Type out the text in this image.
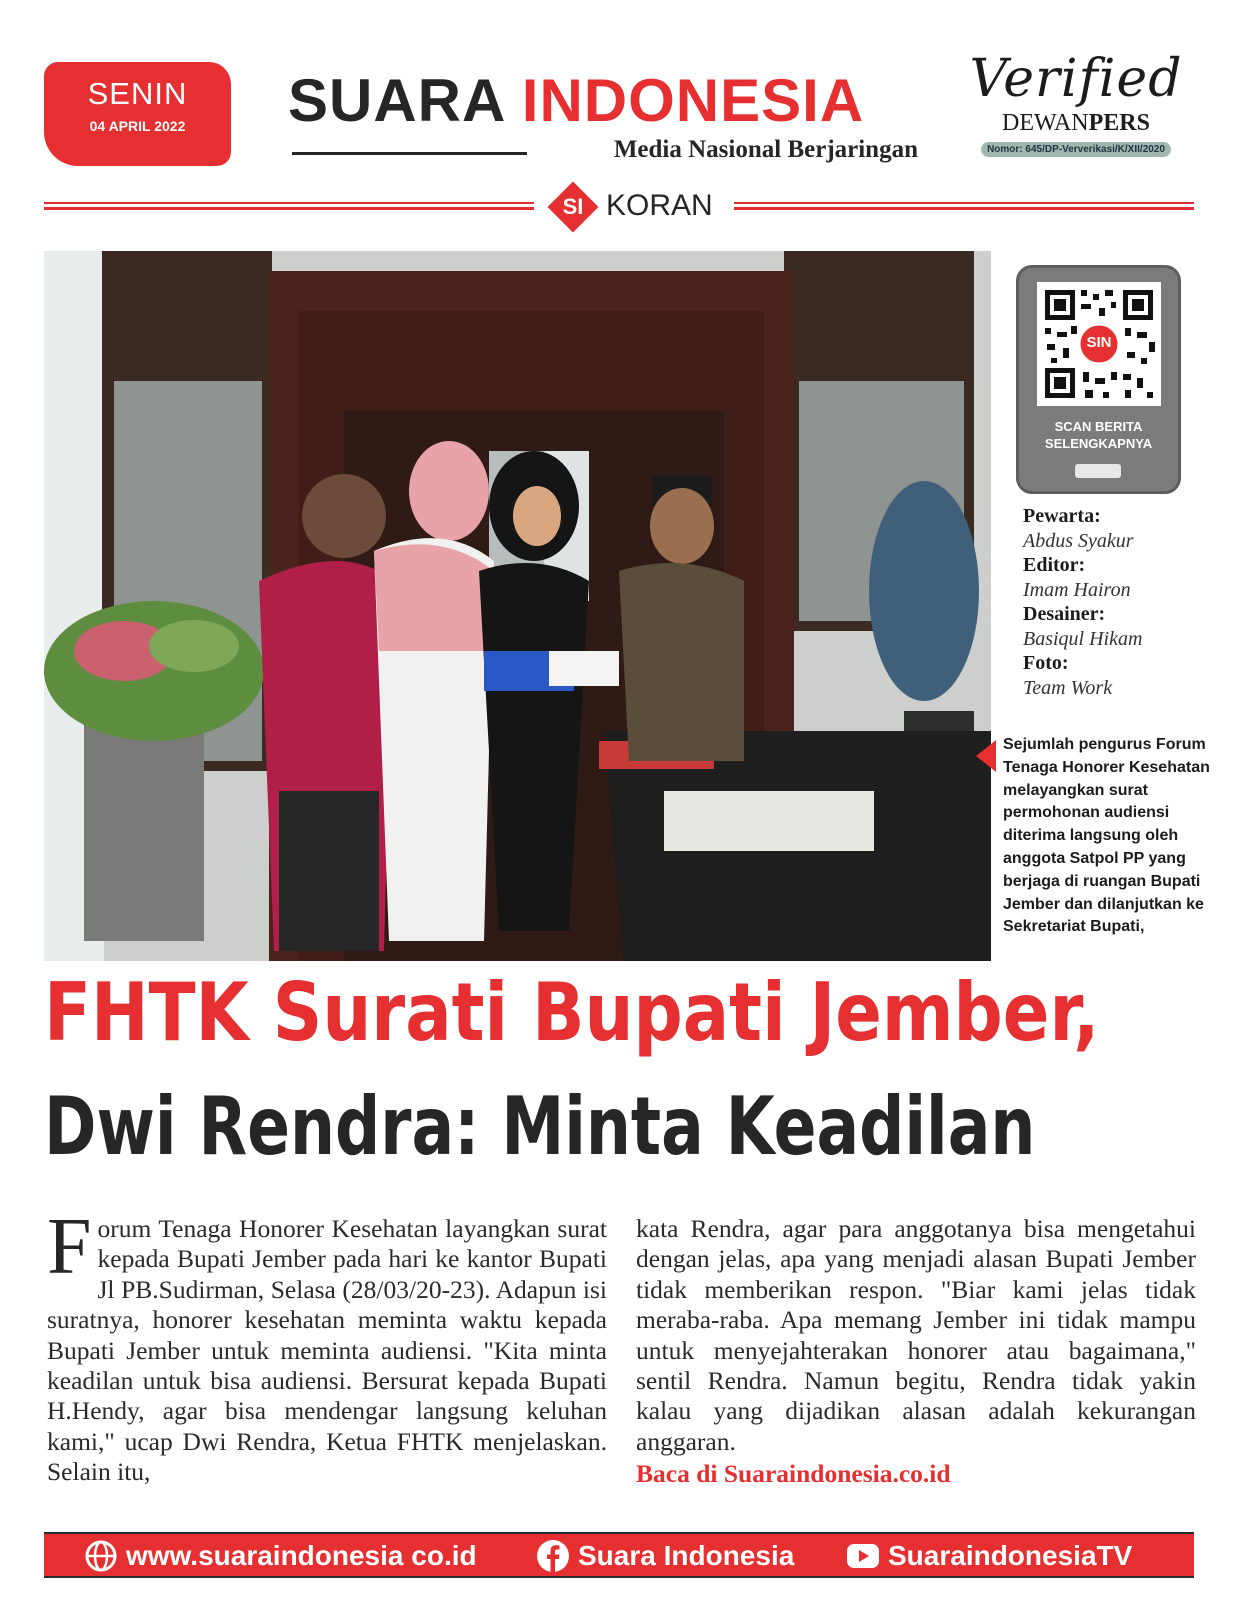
SENIN
04 APRIL 2022	SUARA INDONESIA
Media Nasional Berjaringan
Verified
DEWANPERS
Nomor: 645/DP-Ververikasi/K/XII/2020
SI KORAN
SIN
SCAN BERITA
SELENGKAPNYA
Pewarta:
Abdus Syakur
Editor:
Imam Hairon
Desainer:
Basiqul Hikam
Foto:
Team Work
Sejumlah pengurus Forum Tenaga Honorer Kesehatan melayangkan surat permohonan audiensi diterima langsung oleh anggota Satpol PP yang berjaga di ruangan Bupati Jember dan dilanjutkan ke Sekretariat Bupati,
FHTK Surati Bupati Jember,
Dwi Rendra: Minta Keadilan
Forum Tenaga Honorer Kesehatan layangkan surat kepada Bupati Jember pada hari ke kantor Bupati Jl PB.Sudirman, Selasa (28/03/20-23). Adapun isi suratnya, honorer kesehatan meminta waktu kepada Bupati Jember untuk meminta audiensi. "Kita minta keadilan untuk bisa audiensi. Bersurat kepada Bupati H.Hendy, agar bisa mendengar langsung keluhan kami," ucap Dwi Rendra, Ketua FHTK menjelaskan. Selain itu,
kata Rendra, agar para anggotanya bisa mengetahui dengan jelas, apa yang menjadi alasan Bupati Jember tidak memberikan respon. "Biar kami jelas tidak meraba-raba. Apa memang Jember ini tidak mampu untuk menyejahterakan honorer atau bagaimana," sentil Rendra. Namun begitu, Rendra tidak yakin kalau yang dijadikan alasan adalah kekurangan anggaran.
Baca di Suaraindonesia.co.id
www.suaraindonesia co.id	Suara Indonesia	SuaraindonesiaTV
